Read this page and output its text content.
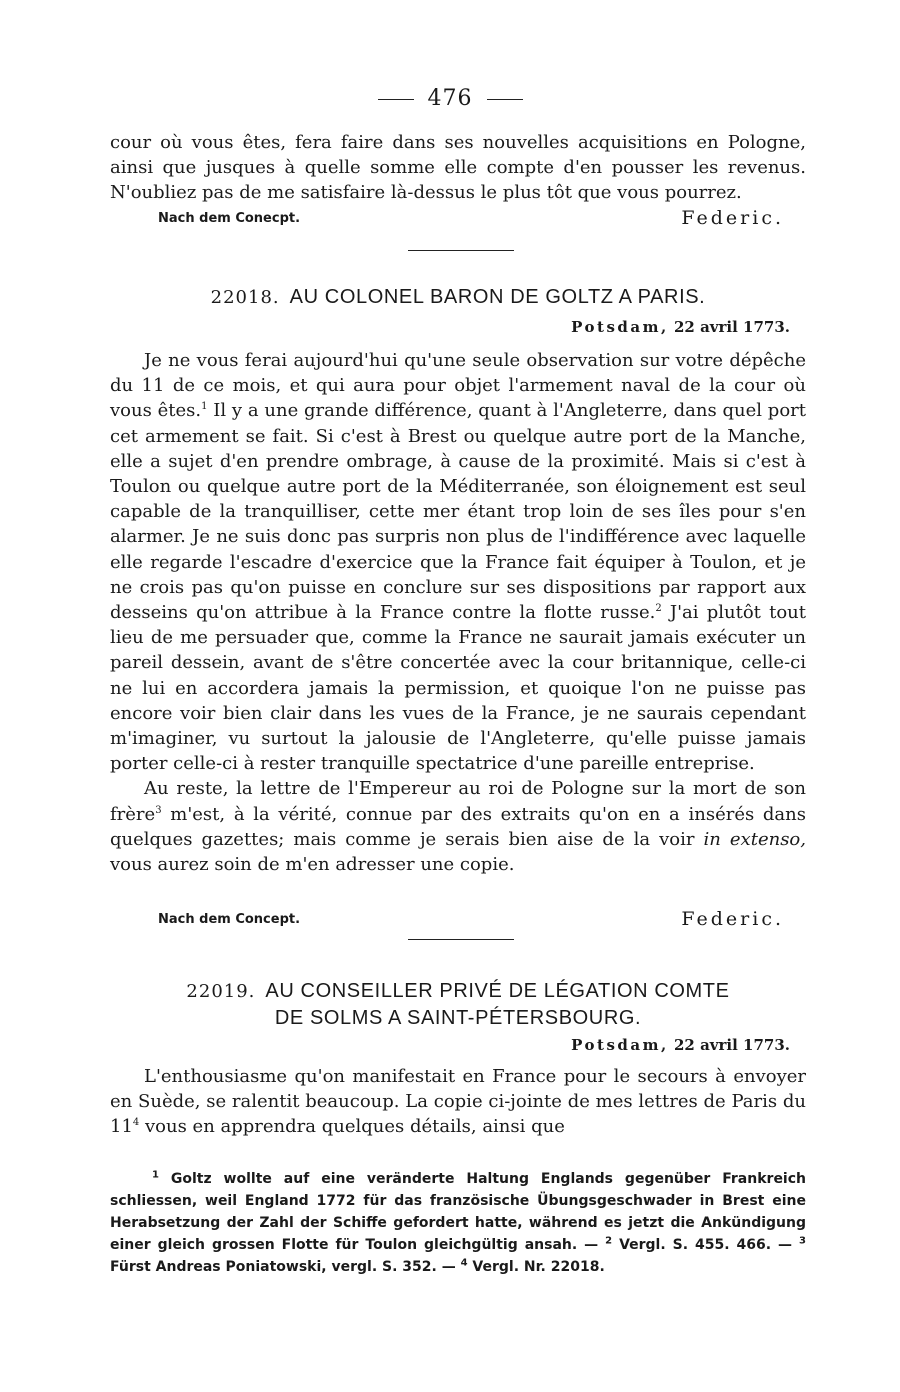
476

cour où vous êtes, fera faire dans ses nouvelles acquisitions en Pologne, ainsi que jusques à quelle somme elle compte d'en pousser les revenus. N'oubliez pas de me satisfaire là-dessus le plus tôt que vous pourrez.

Nach dem Conecpt.	Federic.
22018. AU COLONEL BARON DE GOLTZ A PARIS.
Potsdam, 22 avril 1773.

Je ne vous ferai aujourd'hui qu'une seule observation sur votre dépêche du 11 de ce mois, et qui aura pour objet l'armement naval de la cour où vous êtes.$^1$ Il y a une grande différence, quant à l'Angleterre, dans quel port cet armement se fait. Si c'est à Brest ou quelque autre port de la Manche, elle a sujet d'en prendre ombrage, à cause de la proximité. Mais si c'est à Toulon ou quelque autre port de la Méditerranée, son éloignement est seul capable de la tranquilliser, cette mer étant trop loin de ses îles pour s'en alarmer. Je ne suis donc pas surpris non plus de l'indifférence avec laquelle elle regarde l'escadre d'exercice que la France fait équiper à Toulon, et je ne crois pas qu'on puisse en conclure sur ses dispositions par rapport aux desseins qu'on attribue à la France contre la flotte russe.$^2$ J'ai plutôt tout lieu de me persuader que, comme la France ne saurait jamais exécuter un pareil dessein, avant de s'être concertée avec la cour britannique, celle-ci ne lui en accordera jamais la permission, et quoique l'on ne puisse pas encore voir bien clair dans les vues de la France, je ne saurais cependant m'imaginer, vu surtout la jalousie de l'Angleterre, qu'elle puisse jamais porter celle-ci à rester tranquille spectatrice d'une pareille entreprise.

Au reste, la lettre de l'Empereur au roi de Pologne sur la mort de son frère$^3$ m'est, à la vérité, connue par des extraits qu'on en a insérés dans quelques gazettes; mais comme je serais bien aise de la voir in extenso, vous aurez soin de m'en adresser une copie.

Nach dem Concept.	Federic.
22019. AU CONSEILLER PRIVÉ DE LÉGATION COMTE
DE SOLMS A SAINT-PÉTERSBOURG.
Potsdam, 22 avril 1773.

L'enthousiasme qu'on manifestait en France pour le secours à envoyer en Suède, se ralentit beaucoup. La copie ci-jointe de mes lettres de Paris du $11^4$ vous en apprendra quelques détails, ainsi que

$^1$ Goltz wollte auf eine veränderte Haltung Englands gegenüber Frankreich schliessen, weil England 1772 für das französische Übungsgeschwader in Brest eine Herabsetzung der Zahl der Schiffe gefordert hatte, während es jetzt die Ankündigung einer gleich grossen Flotte für Toulon gleichgültig ansah. — $^2$ Vergl. S. 455. 466. — $^3$ Fürst Andreas Poniatowski, vergl. S. 352. — $^4$ Vergl. Nr. 22018.
